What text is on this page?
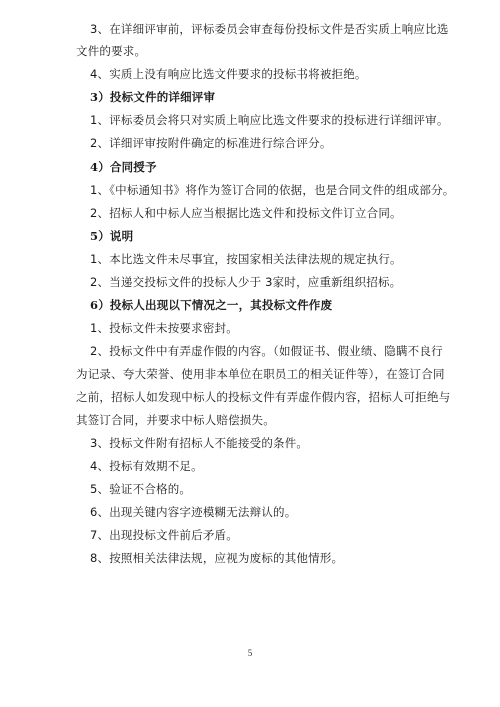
3、在详细评审前，评标委员会审查每份投标文件是否实质上响应比选
文件的要求。
4、实质上没有响应比选文件要求的投标书将被拒绝。
3）投标文件的详细评审
1、评标委员会将只对实质上响应比选文件要求的投标进行详细评审。
2、详细评审按附件确定的标准进行综合评分。
4）合同授予
1、《中标通知书》将作为签订合同的依据，也是合同文件的组成部分。
2、招标人和中标人应当根据比选文件和投标文件订立合同。
5）说明
1、本比选文件未尽事宜，按国家相关法律法规的规定执行。
2、当递交投标文件的投标人少于 3家时，应重新组织招标。
6）投标人出现以下情况之一，其投标文件作废
1、投标文件未按要求密封。
2、投标文件中有弄虚作假的内容。（如假证书、假业绩、隐瞒不良行
为记录、夸大荣誉、使用非本单位在职员工的相关证件等），在签订合同
之前，招标人如发现中标人的投标文件有弄虚作假内容，招标人可拒绝与
其签订合同，并要求中标人赔偿损失。
3、投标文件附有招标人不能接受的条件。
4、投标有效期不足。
5、验证不合格的。
6、出现关键内容字迹模糊无法辩认的。
7、出现投标文件前后矛盾。
8、按照相关法律法规，应视为废标的其他情形。
5
